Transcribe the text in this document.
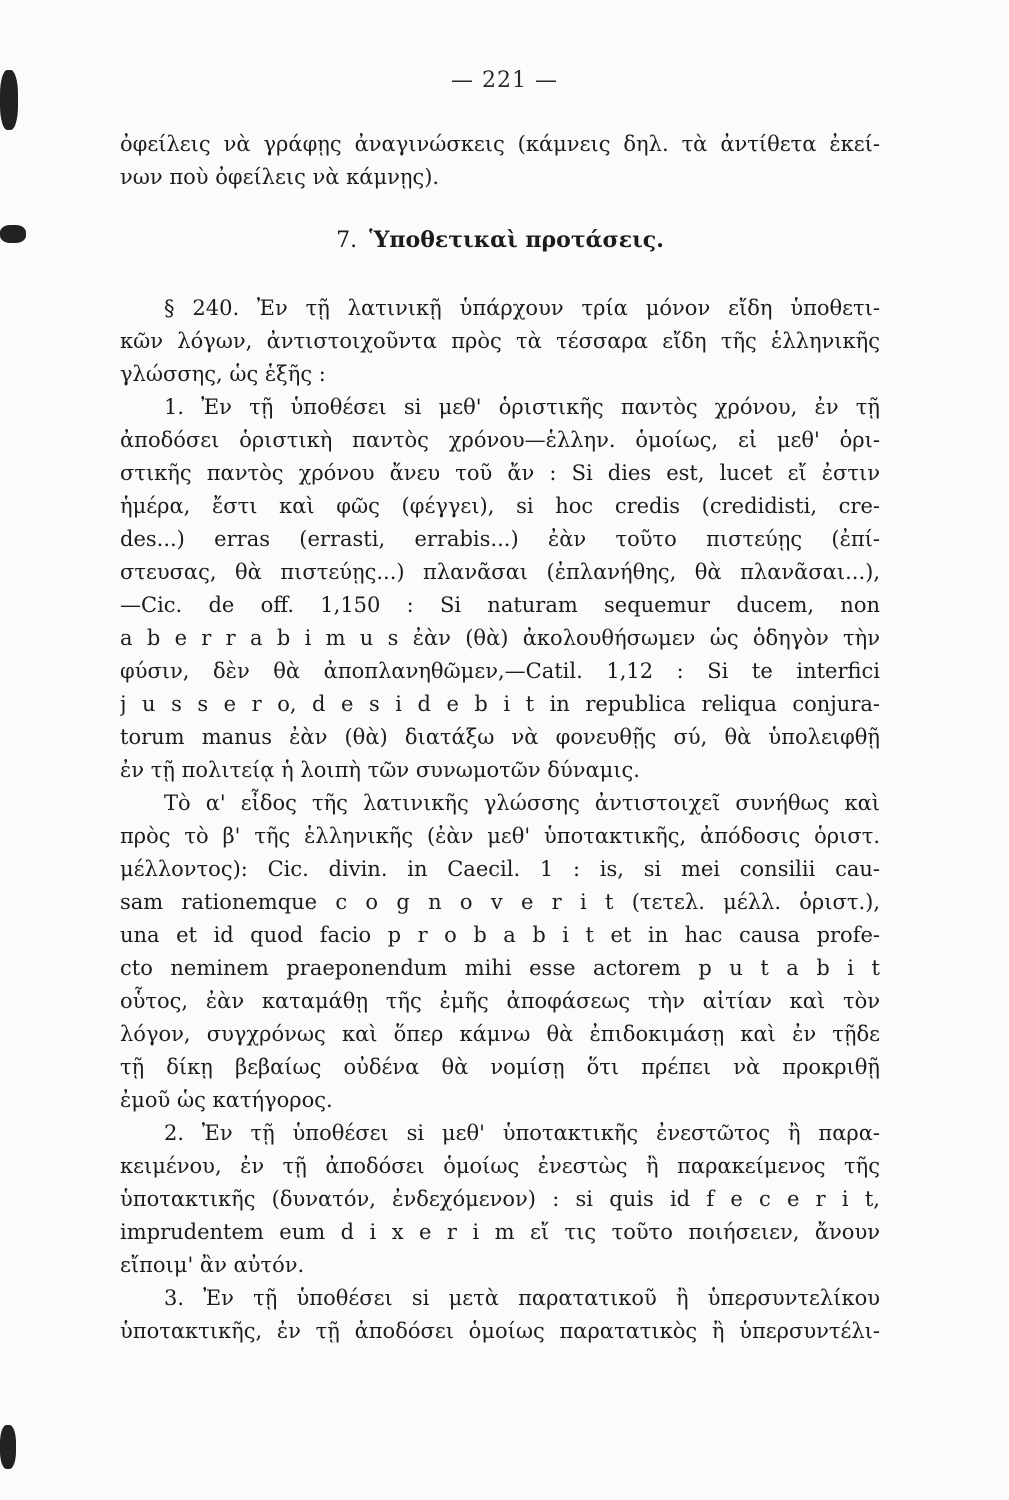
— 221 —
ὀφείλεις νὰ γράφῃς ἀναγινώσκεις (κάμνεις δηλ. τὰ ἀντίθετα ἐκεί-
νων ποὺ ὀφείλεις νὰ κάμνῃς).
7. Ὑποθετικαὶ προτάσεις.
§ 240. Ἐν τῇ λατινικῇ ὑπάρχουν τρία μόνον εἴδη ὑποθετι-
κῶν λόγων, ἀντιστοιχοῦντα πρὸς τὰ τέσσαρα εἴδη τῆς ἑλληνικῆς
γλώσσης, ὡς ἑξῆς :
1. Ἐν τῇ ὑποθέσει si μεθ' ὁριστικῆς παντὸς χρόνου, ἐν τῇ
ἀποδόσει ὁριστικὴ παντὸς χρόνου—ἑλλην. ὁμοίως, εἰ μεθ' ὁρι-
στικῆς παντὸς χρόνου ἄνευ τοῦ ἄν : Si dies est, lucet εἴ ἐστιν
ἡμέρα, ἔστι καὶ φῶς (φέγγει), si hoc credis (credidisti, cre-
des...) erras (errasti, errabis...) ἐὰν τοῦτο πιστεύῃς (ἐπί-
στευσας, θὰ πιστεύῃς...) πλανᾶσαι (ἐπλανήθης, θὰ πλανᾶσαι...),
—Cic. de off. 1,150 : Si naturam sequemur ducem, non
a b e r r a b i m u s ἐὰν (θὰ) ἀκολουθήσωμεν ὡς ὁδηγὸν τὴν
φύσιν, δὲν θὰ ἀποπλανηθῶμεν,—Catil. 1,12 : Si te interfici
j u s s e r o, d e s i d e b i t in republica reliqua conjura-
torum manus ἐὰν (θὰ) διατάξω νὰ φονευθῇς σύ, θὰ ὑπολειφθῇ
ἐν τῇ πολιτείᾳ ἡ λοιπὴ τῶν συνωμοτῶν δύναμις.
Τὸ α' εἶδος τῆς λατινικῆς γλώσσης ἀντιστοιχεῖ συνήθως καὶ
πρὸς τὸ β' τῆς ἑλληνικῆς (ἐὰν μεθ' ὑποτακτικῆς, ἀπόδοσις ὁριστ.
μέλλοντος): Cic. divin. in Caecil. 1 : is, si mei consilii cau-
sam rationemque c o g n o v e r i t (τετελ. μέλλ. ὁριστ.),
una et id quod facio p r o b a b i t et in hac causa profe-
cto neminem praeponendum mihi esse actorem p u t a b i t
οὗτος, ἐὰν καταμάθῃ τῆς ἐμῆς ἀποφάσεως τὴν αἰτίαν καὶ τὸν
λόγον, συγχρόνως καὶ ὅπερ κάμνω θὰ ἐπιδοκιμάσῃ καὶ ἐν τῇδε
τῇ δίκῃ βεβαίως οὐδένα θὰ νομίσῃ ὅτι πρέπει νὰ προκριθῇ
ἐμοῦ ὡς κατήγορος.
2. Ἐν τῇ ὑποθέσει si μεθ' ὑποτακτικῆς ἐνεστῶτος ἢ παρα-
κειμένου, ἐν τῇ ἀποδόσει ὁμοίως ἐνεστὼς ἢ παρακείμενος τῆς
ὑποτακτικῆς (δυνατόν, ἐνδεχόμενον) : si quis id f e c e r i t,
imprudentem eum d i x e r i m εἴ τις τοῦτο ποιήσειεν, ἄνουν
εἴποιμ' ἂν αὐτόν.
3. Ἐν τῇ ὑποθέσει si μετὰ παρατατικοῦ ἢ ὑπερσυντελίκου
ὑποτακτικῆς, ἐν τῇ ἀποδόσει ὁμοίως παρατατικὸς ἢ ὑπερσυντέλι-
